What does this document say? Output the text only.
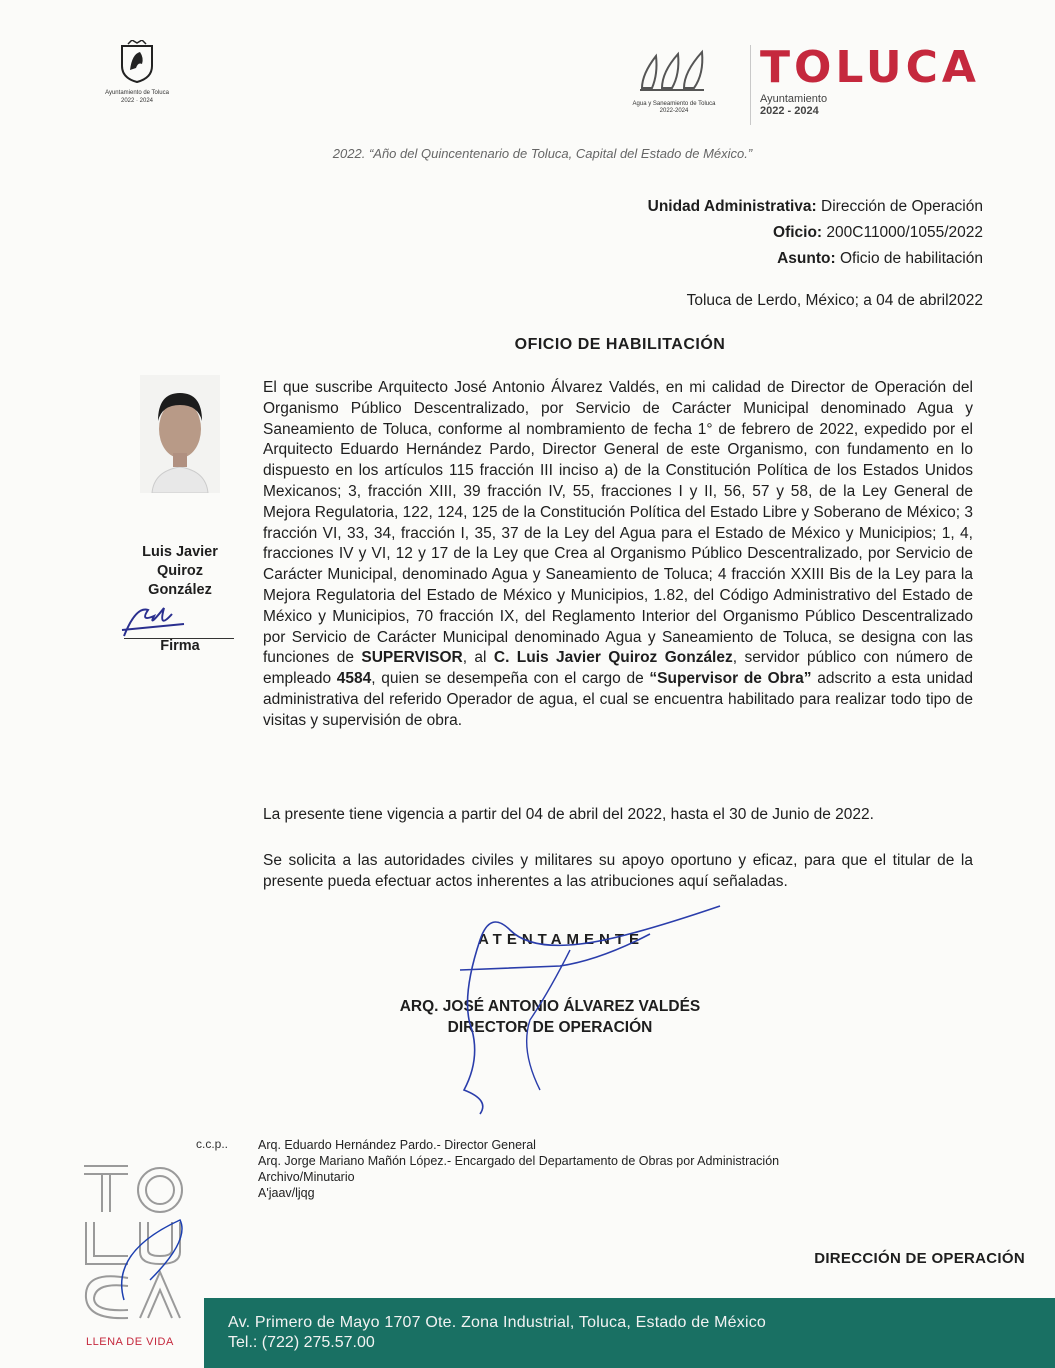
Ayuntamiento de Toluca
2022 · 2024	Agua y Saneamiento de Toluca
2022-2024
TOLUCA
Ayuntamiento
2022 - 2024
2022. “Año del Quincentenario de Toluca, Capital del Estado de México.”
Unidad Administrativa: Dirección de Operación
Oficio: 200C11000/1055/2022
Asunto: Oficio de habilitación
Toluca de Lerdo, México; a 04 de abril2022
OFICIO DE HABILITACIÓN
Luis Javier
Quiroz
González
Firma

El que suscribe Arquitecto José Antonio Álvarez Valdés, en mi calidad de Director de Operación del Organismo Público Descentralizado, por Servicio de Carácter Municipal denominado Agua y Saneamiento de Toluca, conforme al nombramiento de fecha 1° de febrero de 2022, expedido por el Arquitecto Eduardo Hernández Pardo, Director General de este Organismo, con fundamento en lo dispuesto en los artículos 115 fracción III inciso a) de la Constitución Política de los Estados Unidos Mexicanos; 3, fracción XIII, 39 fracción IV, 55, fracciones I y II, 56, 57 y 58, de la Ley General de Mejora Regulatoria, 122, 124, 125 de la Constitución Política del Estado Libre y Soberano de México; 3 fracción VI, 33, 34, fracción I, 35, 37 de la Ley del Agua para el Estado de México y Municipios; 1, 4, fracciones IV y VI, 12 y 17 de la Ley que Crea al Organismo Público Descentralizado, por Servicio de Carácter Municipal, denominado Agua y Saneamiento de Toluca; 4 fracción XXIII Bis de la Ley para la Mejora Regulatoria del Estado de México y Municipios, 1.82, del Código Administrativo del Estado de México y Municipios, 70 fracción IX, del Reglamento Interior del Organismo Público Descentralizado por Servicio de Carácter Municipal denominado Agua y Saneamiento de Toluca, se designa con las funciones de SUPERVISOR, al C. Luis Javier Quiroz González, servidor público con número de empleado 4584, quien se desempeña con el cargo de “Supervisor de Obra” adscrito a esta unidad administrativa del referido Operador de agua, el cual se encuentra habilitado para realizar todo tipo de visitas y supervisión de obra.

La presente tiene vigencia a partir del 04 de abril del 2022, hasta el 30 de Junio de 2022.
Se solicita a las autoridades civiles y militares su apoyo oportuno y eficaz, para que el titular de la presente pueda efectuar actos inherentes a las atribuciones aquí señaladas.
ATENTAMENTE
ARQ. JOSÉ ANTONIO ÁLVAREZ VALDÉS
DIRECTOR DE OPERACIÓN
c.c.p.. Arq. Eduardo Hernández Pardo.- Director General
Arq. Jorge Mariano Mañón López.- Encargado del Departamento de Obras por Administración
Archivo/Minutario
A'jaav/ljqg
DIRECCIÓN DE OPERACIÓN
Av. Primero de Mayo 1707 Ote. Zona Industrial, Toluca, Estado de México
Tel.: (722) 275.57.00
LLENA DE VIDA
